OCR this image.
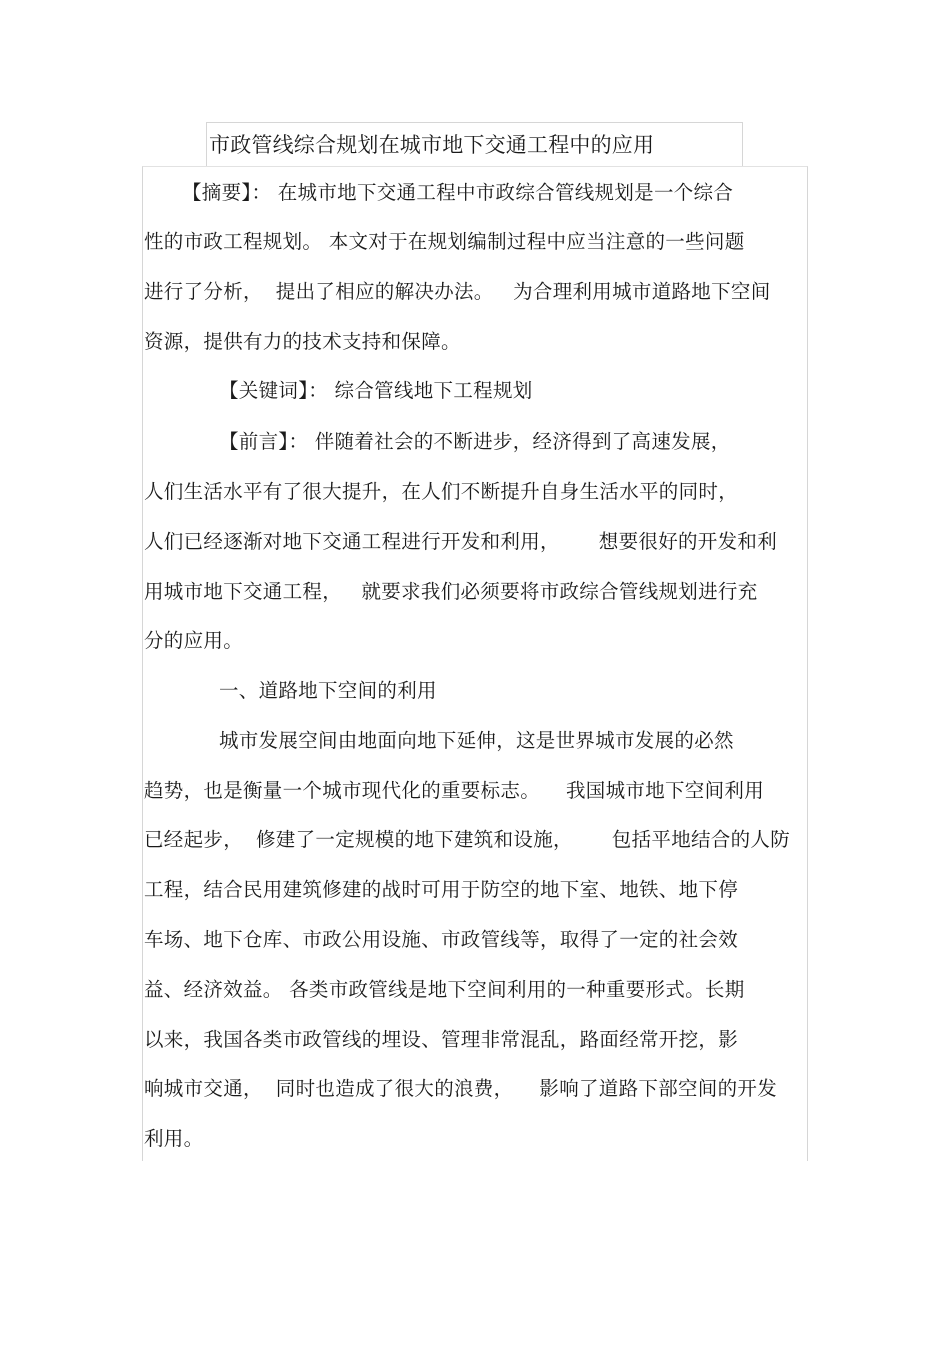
市政管线综合规划在城市地下交通工程中的应用
【摘要】： 在城市地下交通工程中市政综合管线规划是一个综合
性的市政工程规划。 本文对于在规划编制过程中应当注意的一些问题
进行了分析，  提出了相应的解决办法。   为合理利用城市道路地下空间
资源，提供有力的技术支持和保障。
【关键词】： 综合管线地下工程规划
【前言】： 伴随着社会的不断进步，经济得到了高速发展，
人们生活水平有了很大提升，在人们不断提升自身生活水平的同时，
人们已经逐渐对地下交通工程进行开发和利用，      想要很好的开发和利
用城市地下交通工程，   就要求我们必须要将市政综合管线规划进行充
分的应用。
一、道路地下空间的利用
城市发展空间由地面向地下延伸，这是世界城市发展的必然
趋势，也是衡量一个城市现代化的重要标志。    我国城市地下空间利用
已经起步，  修建了一定规模的地下建筑和设施，      包括平地结合的人防
工程，结合民用建筑修建的战时可用于防空的地下室、地铁、地下停
车场、地下仓库、市政公用设施、市政管线等，取得了一定的社会效
益、经济效益。 各类市政管线是地下空间利用的一种重要形式。长期
以来，我国各类市政管线的埋设、管理非常混乱，路面经常开挖，影
响城市交通，  同时也造成了很大的浪费，    影响了道路下部空间的开发
利用。
